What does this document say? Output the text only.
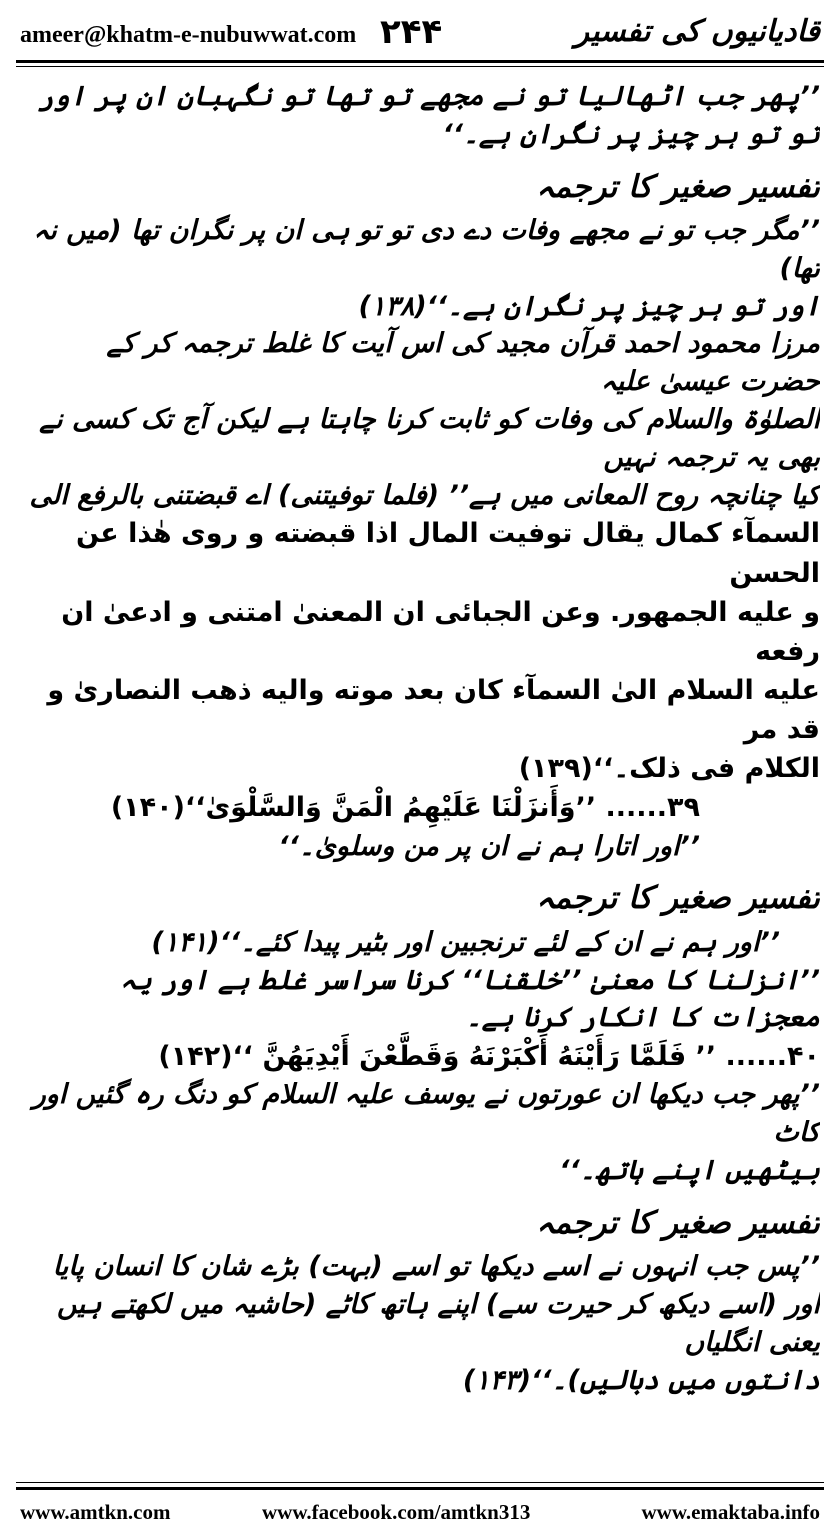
ameer@khatm-e-nubuwwat.com ۲۴۴	قادیانیوں کی تفسیر

’’پھر جب اٹھالیا تو نے مجھے تو تھا تو نگہبان ان پر اور تو تو ہر چیز پر نگران ہے۔‘‘

تفسیر صغیر کا ترجمہ

’’مگر جب تو نے مجھے وفات دے دی تو تو ہی ان پر نگران تھا (میں نہ تھا)

اور تو ہر چیز پر نگران ہے۔‘‘(۱۳۸)

مرزا محمود احمد قرآن مجید کی اس آیت کا غلط ترجمہ کر کے حضرت عیسیٰ علیہ

الصلوٰۃ والسلام کی وفات کو ثابت کرنا چاہتا ہے لیکن آج تک کسی نے بھی یہ ترجمہ نہیں

کیا چنانچہ روح المعانی میں ہے’’ (فلما توفیتنی) اے قبضتنی بالرفع الی

السمآء کمال یقال توفیت المال اذا قبضته و روی هٰذا عن الحسن

و علیه الجمهور. وعن الجبائی ان المعنیٰ امتنی و ادعیٰ ان رفعه

علیه السلام الیٰ السمآء کان بعد موته والیه ذهب النصاریٰ و قد مر

الکلام فی ذلک۔‘‘(۱۳۹)

۳۹...... ’’وَأَنزَلْنَا عَلَيْهِمُ الْمَنَّ وَالسَّلْوَىٰ‘‘(۱۴۰)

’’اور اتارا ہم نے ان پر من وسلویٰ۔‘‘

تفسیر صغیر کا ترجمہ

’’اور ہم نے ان کے لئے ترنجبین اور بٹیر پیدا کئے۔‘‘(۱۴۱)

’’انزلنا کا معنیٰ ’’خلقنا‘‘ کرنا سراسر غلط ہے اور یہ معجزات کا انکار کرنا ہے۔

۴۰...... ’’ فَلَمَّا رَأَيْنَهُ أَكْبَرْنَهُ وَقَطَّعْنَ أَيْدِيَهُنَّ ‘‘(۱۴۲)

’’پھر جب دیکھا ان عورتوں نے یوسف علیہ السلام کو دنگ رہ گئیں اور کاٹ

بیٹھیں اپنے ہاتھ۔‘‘

تفسیر صغیر کا ترجمہ

’’پس جب انہوں نے اسے دیکھا تو اسے (بہت) بڑے شان کا انسان پایا

اور (اسے دیکھ کر حیرت سے) اپنے ہاتھ کاٹے (حاشیہ میں لکھتے ہیں یعنی انگلیاں

دانتوں میں دبالیں)۔‘‘(۱۴۳)

www.amtkn.com	www.facebook.com/amtkn313	www.emaktaba.info
